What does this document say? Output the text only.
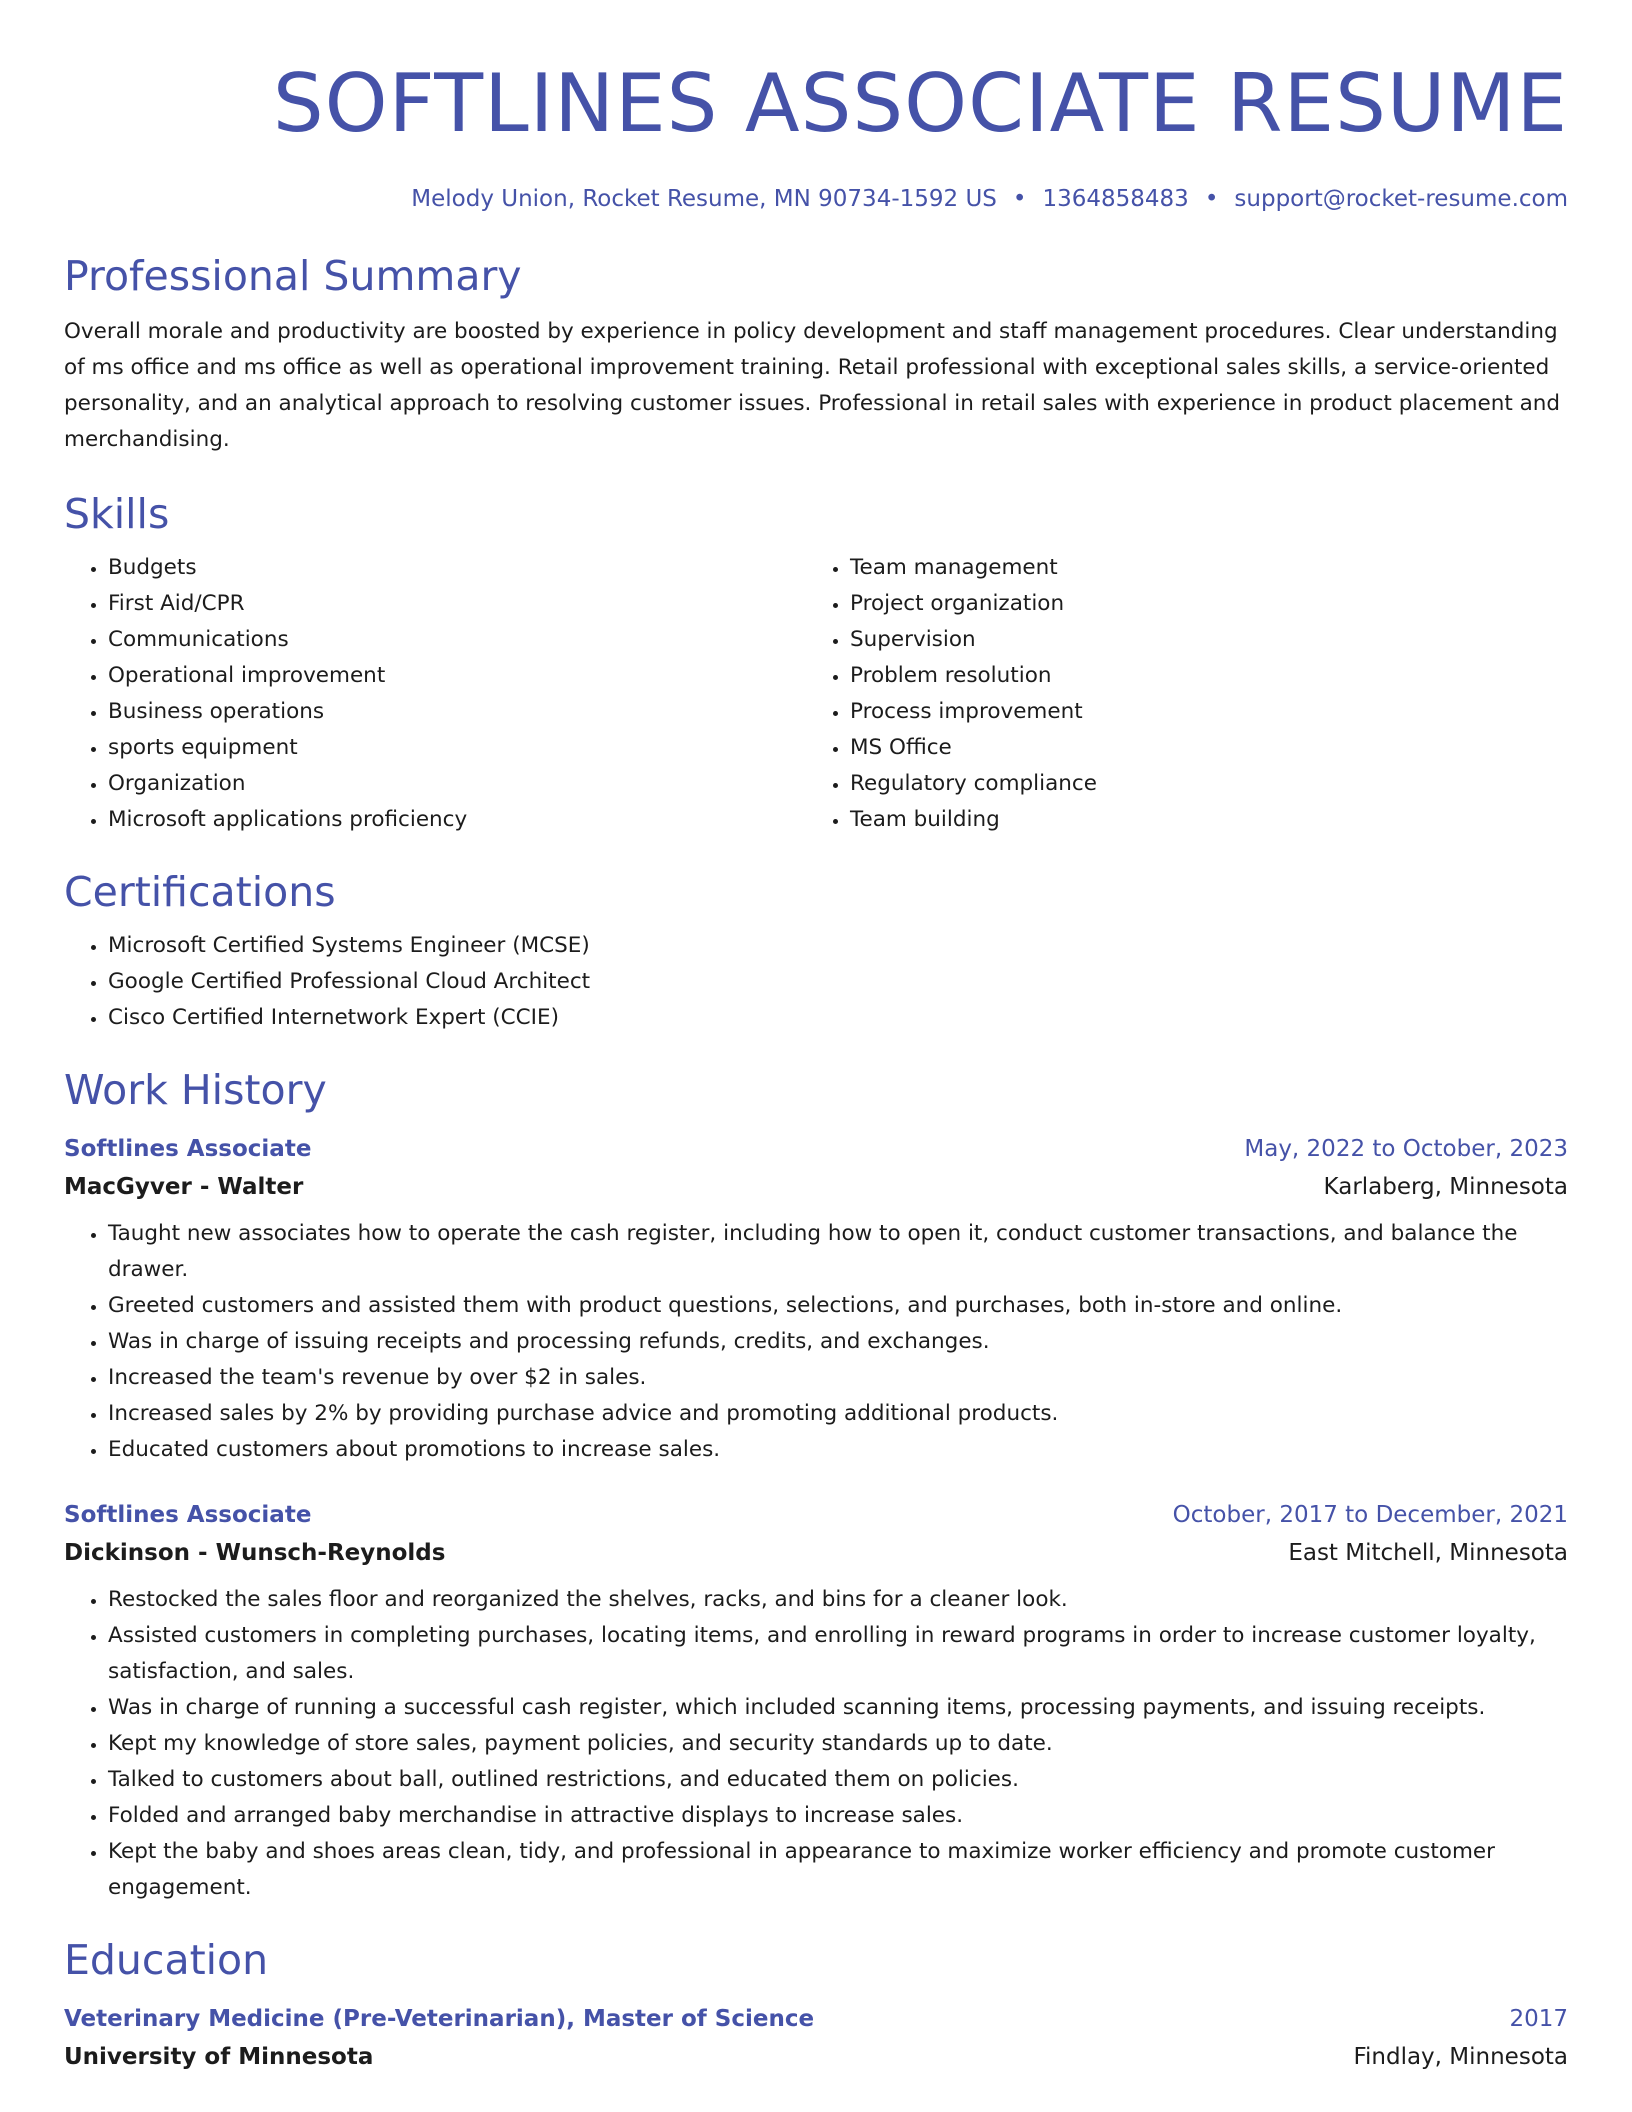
SOFTLINES ASSOCIATE RESUME
Melody Union, Rocket Resume, MN 90734-1592 US • 1364858483 • support@rocket-resume.com
Professional Summary

Overall morale and productivity are boosted by experience in policy development and staff management procedures. Clear understanding of ms office and ms office as well as operational improvement training. Retail professional with exceptional sales skills, a service-oriented personality, and an analytical approach to resolving customer issues. Professional in retail sales with experience in product placement and merchandising.

Skills
• Budgets
• First Aid/CPR
• Communications
• Operational improvement
• Business operations
• sports equipment
• Organization
• Microsoft applications proficiency
• Team management
• Project organization
• Supervision
• Problem resolution
• Process improvement
• MS Office
• Regulatory compliance
• Team building
Certifications
• Microsoft Certified Systems Engineer (MCSE)
• Google Certified Professional Cloud Architect
• Cisco Certified Internetwork Expert (CCIE)
Work History
Softlines Associate	May, 2022 to October, 2023
MacGyver - Walter	Karlaberg, Minnesota
• Taught new associates how to operate the cash register, including how to open it, conduct customer transactions, and balance the drawer.
• Greeted customers and assisted them with product questions, selections, and purchases, both in-store and online.
• Was in charge of issuing receipts and processing refunds, credits, and exchanges.
• Increased the team's revenue by over $2 in sales.
• Increased sales by 2% by providing purchase advice and promoting additional products.
• Educated customers about promotions to increase sales.
Softlines Associate	October, 2017 to December, 2021
Dickinson - Wunsch-Reynolds	East Mitchell, Minnesota
• Restocked the sales floor and reorganized the shelves, racks, and bins for a cleaner look.
• Assisted customers in completing purchases, locating items, and enrolling in reward programs in order to increase customer loyalty, satisfaction, and sales.
• Was in charge of running a successful cash register, which included scanning items, processing payments, and issuing receipts.
• Kept my knowledge of store sales, payment policies, and security standards up to date.
• Talked to customers about ball, outlined restrictions, and educated them on policies.
• Folded and arranged baby merchandise in attractive displays to increase sales.
• Kept the baby and shoes areas clean, tidy, and professional in appearance to maximize worker efficiency and promote customer engagement.
Education
Veterinary Medicine (Pre-Veterinarian), Master of Science	2017
University of Minnesota	Findlay, Minnesota
